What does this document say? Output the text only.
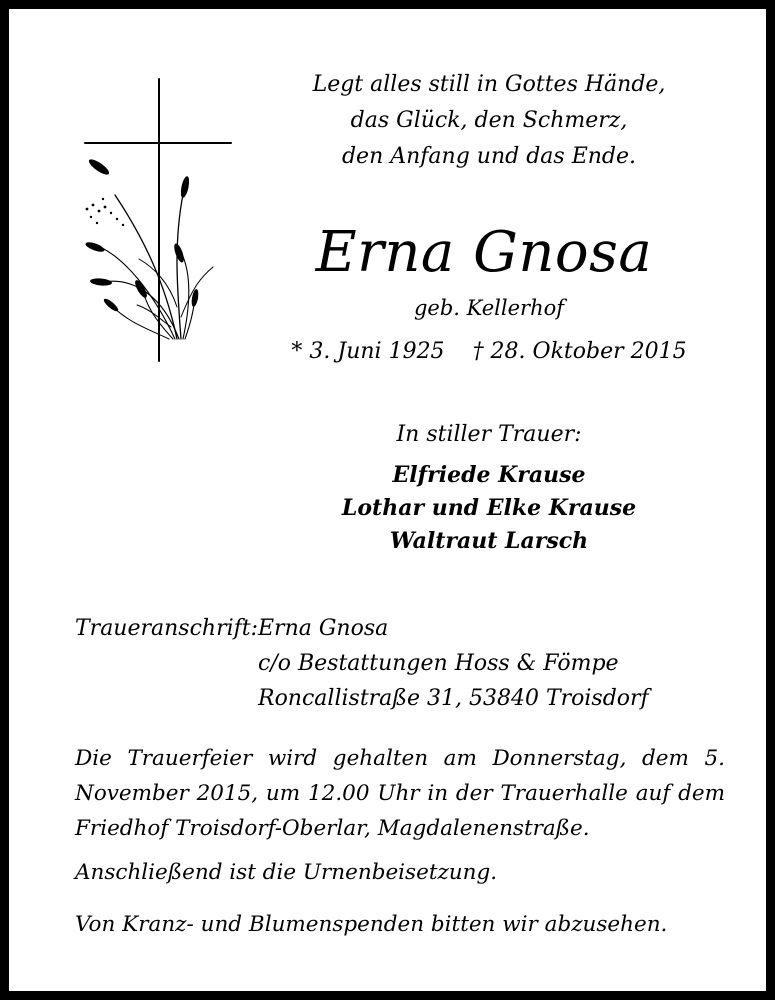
Legt alles still in Gottes Hände,
das Glück, den Schmerz,
den Anfang und das Ende.
Erna Gnosa
geb. Kellerhof
* 3. Juni 1925 † 28. Oktober 2015
In stiller Trauer:
Elfriede Krause
Lothar und Elke Krause
Waltraut Larsch
Traueranschrift: Erna Gnosa
c/o Bestattungen Hoss & Fömpe
Roncallistraße 31, 53840 Troisdorf
Die Trauerfeier wird gehalten am Donnerstag, dem 5. November 2015, um 12.00 Uhr in der Trauerhalle auf dem Friedhof Troisdorf-Oberlar, Magdalenenstraße.
Anschließend ist die Urnenbeisetzung.
Von Kranz- und Blumenspenden bitten wir abzusehen.
